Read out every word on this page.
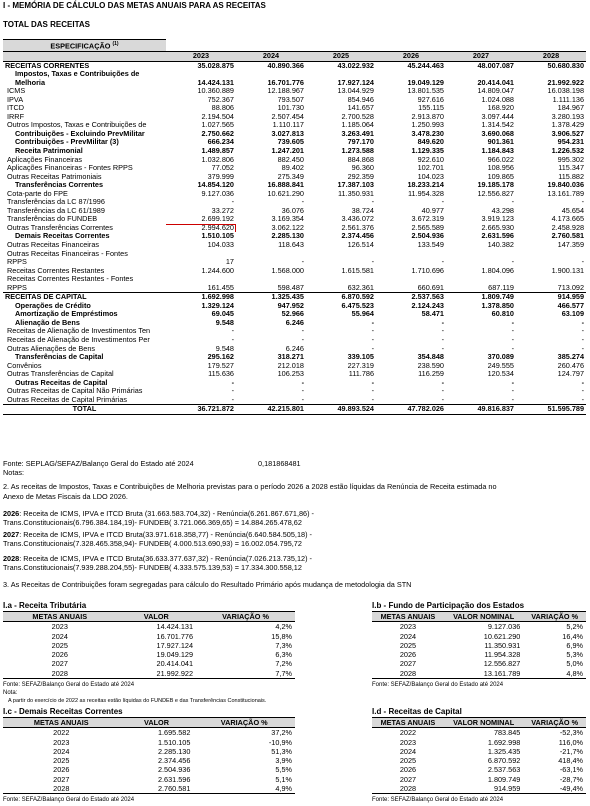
I - MEMÓRIA DE CÁLCULO DAS METAS ANUAIS PARA AS RECEITAS
TOTAL DAS RECEITAS
ESPECIFICAÇÃO $^{(1)}$	
	2023	2024	2025	2026	2027	2028
RECEITAS CORRENTES	35.028.875	40.890.366	43.022.932	45.244.463	48.007.087	50.680.830
Impostos, Taxas e Contribuições de						
Melhoria	14.424.131	16.701.776	17.927.124	19.049.129	20.414.041	21.992.922
ICMS	10.360.889	12.188.967	13.044.929	13.801.535	14.809.047	16.038.198
IPVA	752.367	793.507	854.946	927.616	1.024.088	1.111.136
ITCD	88.806	101.730	141.657	155.115	168.920	184.967
IRRF	2.194.504	2.507.454	2.700.528	2.913.870	3.097.444	3.280.193
Outros Impostos, Taxas e Contribuições de	1.027.565	1.110.117	1.185.064	1.250.993	1.314.542	1.378.429
Contribuições - Excluindo PrevMilitar	2.750.662	3.027.813	3.263.491	3.478.230	3.690.068	3.906.527
Contribuições - PrevMilitar (3)	666.234	739.605	797.170	849.620	901.361	954.231
Receita Patrimonial	1.489.857	1.247.201	1.273.588	1.129.335	1.184.843	1.226.532
Aplicações Financeiras	1.032.806	882.450	884.868	922.610	966.022	995.302
Aplicações Financeiras - Fontes RPPS	77.052	89.402	96.360	102.701	108.956	115.347
Outras Receitas Patrimoniais	379.999	275.349	292.359	104.023	109.865	115.882
Transferências Correntes	14.854.120	16.888.841	17.387.103	18.233.214	19.185.178	19.840.036
Cota-parte do FPE	9.127.036	10.621.290	11.350.931	11.954.328	12.556.827	13.161.789
Transferências da LC 87/1996	-	-	-	-	-	-
Transferências da LC 61/1989	33.272	36.076	38.724	40.977	43.298	45.654
Transferências do FUNDEB	2.699.192	3.169.354	3.436.072	3.672.319	3.919.123	4.173.665
Outras Transferências Correntes	2.994.620	3.062.122	2.561.376	2.565.589	2.665.930	2.458.928
Demais Receitas Correntes	1.510.105	2.285.130	2.374.456	2.504.936	2.631.596	2.760.581
Outras Receitas Financeiras	104.033	118.643	126.514	133.549	140.382	147.359
Outras Receitas Financeiras - Fontes						
RPPS	17	-	-	-	-	-
Receitas Correntes Restantes	1.244.600	1.568.000	1.615.581	1.710.696	1.804.096	1.900.131
Receitas Correntes Restantes - Fontes						
RPPS	161.455	598.487	632.361	660.691	687.119	713.092
RECEITAS DE CAPITAL	1.692.998	1.325.435	6.870.592	2.537.563	1.809.749	914.959
Operações de Crédito	1.329.124	947.952	6.475.523	2.124.243	1.378.850	466.577
Amortização de Empréstimos	69.045	52.966	55.964	58.471	60.810	63.109
Alienação de Bens	9.548	6.246	-	-	-	-
Receitas de Alienação de Investimentos Ten	-	-	-	-	-	-
Receitas de Alienação de Investimentos Per	-	-	-	-	-	-
Outras Alienações de Bens	9.548	6.246	-	-	-	-
Transferências de Capital	295.162	318.271	339.105	354.848	370.089	385.274
Convênios	179.527	212.018	227.319	238.590	249.555	260.476
Outras Transferências de Capital	115.636	106.253	111.786	116.259	120.534	124.797
Outras Receitas de Capital	-	-	-	-	-	-
Outras Receitas de Capital Não Primárias	-	-	-	-	-	-
Outras Receitas de Capital Primárias	-	-	-	-	-	-
TOTAL	36.721.872	42.215.801	49.893.524	47.782.026	49.816.837	51.595.789
Fonte: SEPLAG/SEFAZ/Balanço Geral do Estado até 2024	0,181868481
Notas:
2. As receitas de Impostos, Taxas e Contribuições de Melhoria previstas para o período 2026 a 2028 estão líquidas da Renúncia de Receita estimada no
Anexo de Metas Fiscais da LDO 2026.
2026: Receita de ICMS, IPVA e ITCD Bruta (31.663.583.704,32) - Renúncia(6.261.867.671,86) -
Trans.Constitucionais(6.796.384.184,19)- FUNDEB( 3.721.066.369,65) = 14.884.265.478,62
2027: Receita de ICMS, IPVA e ITCD Bruta(33.971.618.358,77) - Renúncia(6.640.584.505,18) -
Trans.Constitucionais(7.328.465.358,94)- FUNDEB( 4.000.513.690,93) = 16.002.054.795,72
2028: Receita de ICMS, IPVA e ITCD Bruta(36.633.377.637,32) - Renúncia(7.026.213.735,12) -
Trans.Constitucionais(7.939.288.204,55)- FUNDEB( 4.333.575.139,53) = 17.334.300.558,12
3. As Receitas de Contribuições foram segregadas para cálculo do Resultado Primário após mudança de metodologia da STN
I.a - Receita Tributária
METAS ANUAIS	VALOR	VARIAÇÃO %
2023	14.424.131	4,2%
2024	16.701.776	15,8%
2025	17.927.124	7,3%
2026	19.049.129	6,3%
2027	20.414.041	7,2%
2028	21.992.922	7,7%
Fonte: SEFAZ/Balanço Geral do Estado até 2024
Nota:
A partir do exercício de 2022 as receitas estão líquidas do FUNDEB e das Transferências Constitucionais.
I.b - Fundo de Participação dos Estados
METAS ANUAIS	VALOR NOMINAL	VARIAÇÃO %
2023	9.127.036	5,2%
2024	10.621.290	16,4%
2025	11.350.931	6,9%
2026	11.954.328	5,3%
2027	12.556.827	5,0%
2028	13.161.789	4,8%
Fonte: SEFAZ/Balanço Geral do Estado até 2024
I.c - Demais Receitas Correntes
METAS ANUAIS	VALOR	VARIAÇÃO %
2022	1.695.582	37,2%
2023	1.510.105	-10,9%
2024	2.285.130	51,3%
2025	2.374.456	3,9%
2026	2.504.936	5,5%
2027	2.631.596	5,1%
2028	2.760.581	4,9%
Fonte: SEFAZ/Balanço Geral do Estado até 2024
I.d - Receitas de Capital
METAS ANUAIS	VALOR NOMINAL	VARIAÇÃO %
2022	783.845	-52,3%
2023	1.692.998	116,0%
2024	1.325.435	-21,7%
2025	6.870.592	418,4%
2026	2.537.563	-63,1%
2027	1.809.749	-28,7%
2028	914.959	-49,4%
Fonte: SEFAZ/Balanço Geral do Estado até 2024
